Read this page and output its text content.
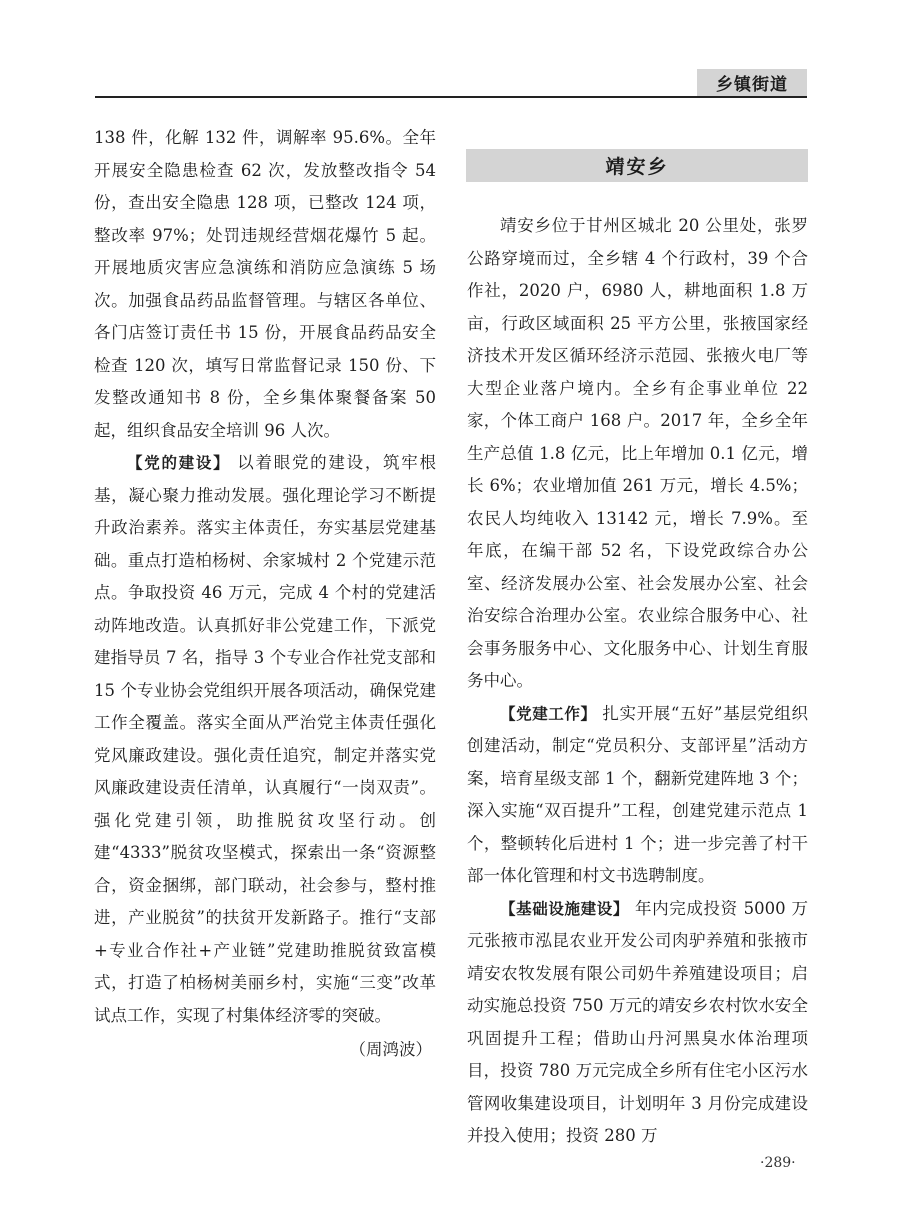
乡镇街道

138 件，化解 132 件，调解率 95.6%。全年开展安全隐患检查 62 次，发放整改指令 54 份，查出安全隐患 128 项，已整改 124 项，整改率 97%；处罚违规经营烟花爆竹 5 起。开展地质灾害应急演练和消防应急演练 5 场次。加强食品药品监督管理。与辖区各单位、各门店签订责任书 15 份，开展食品药品安全检查 120 次，填写日常监督记录 150 份、下发整改通知书 8 份，全乡集体聚餐备案 50 起，组织食品安全培训 96 人次。

【党的建设】 以着眼党的建设，筑牢根基，凝心聚力推动发展。强化理论学习不断提升政治素养。落实主体责任，夯实基层党建基础。重点打造柏杨树、余家城村 2 个党建示范点。争取投资 46 万元，完成 4 个村的党建活动阵地改造。认真抓好非公党建工作，下派党建指导员 7 名，指导 3 个专业合作社党支部和 15 个专业协会党组织开展各项活动，确保党建工作全覆盖。落实全面从严治党主体责任强化党风廉政建设。强化责任追究，制定并落实党风廉政建设责任清单，认真履行“一岗双责”。强化党建引领，助推脱贫攻坚行动。创建“4333”脱贫攻坚模式，探索出一条“资源整合，资金捆绑，部门联动，社会参与，整村推进，产业脱贫”的扶贫开发新路子。推行“支部+专业合作社+产业链”党建助推脱贫致富模式，打造了柏杨树美丽乡村，实施“三变”改革试点工作，实现了村集体经济零的突破。

（周鸿波）
靖安乡

靖安乡位于甘州区城北 20 公里处，张罗公路穿境而过，全乡辖 4 个行政村，39 个合作社，2020 户，6980 人，耕地面积 1.8 万亩，行政区域面积 25 平方公里，张掖国家经济技术开发区循环经济示范园、张掖火电厂等大型企业落户境内。全乡有企事业单位 22 家，个体工商户 168 户。2017 年，全乡全年生产总值 1.8 亿元，比上年增加 0.1 亿元，增长 6%；农业增加值 261 万元，增长 4.5%；农民人均纯收入 13142 元，增长 7.9%。至年底，在编干部 52 名，下设党政综合办公室、经济发展办公室、社会发展办公室、社会治安综合治理办公室。农业综合服务中心、社会事务服务中心、文化服务中心、计划生育服务中心。

【党建工作】 扎实开展“五好”基层党组织创建活动，制定“党员积分、支部评星”活动方案，培育星级支部 1 个，翻新党建阵地 3 个；深入实施“双百提升”工程，创建党建示范点 1 个，整顿转化后进村 1 个；进一步完善了村干部一体化管理和村文书选聘制度。

【基础设施建设】 年内完成投资 5000 万元张掖市泓昆农业开发公司肉驴养殖和张掖市靖安农牧发展有限公司奶牛养殖建设项目；启动实施总投资 750 万元的靖安乡农村饮水安全巩固提升工程；借助山丹河黑臭水体治理项目，投资 780 万元完成全乡所有住宅小区污水管网收集建设项目，计划明年 3 月份完成建设并投入使用；投资 280 万

·289·
